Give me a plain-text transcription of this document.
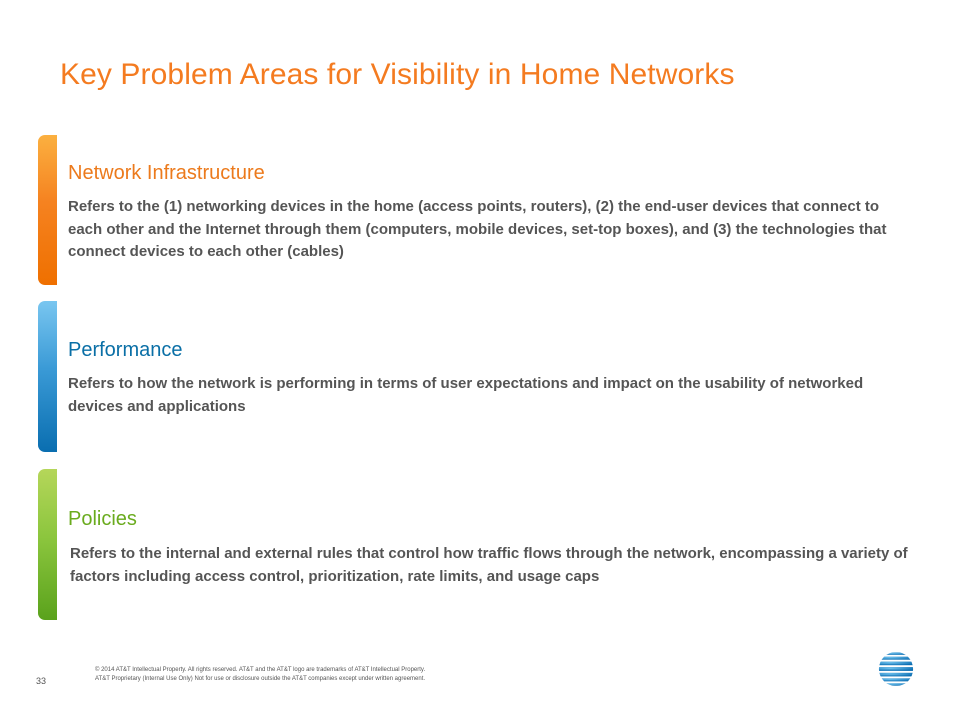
Key Problem Areas for Visibility in Home Networks
Network Infrastructure

Refers to the (1) networking devices in the home (access points, routers), (2) the end-user devices that connect to each other and the Internet through them (computers, mobile devices, set-top boxes), and (3) the technologies that connect devices to each other (cables)

Performance

Refers to how the network is performing in terms of user expectations and impact on the usability of networked devices and applications

Policies

Refers to the internal and external rules that control how traffic flows through the network, encompassing a variety of factors including access control, prioritization, rate limits, and usage caps

33
© 2014 AT&T Intellectual Property. All rights reserved. AT&T and the AT&T logo are trademarks of AT&T Intellectual Property.
AT&T Proprietary (Internal Use Only) Not for use or disclosure outside the AT&T companies except under written agreement.
